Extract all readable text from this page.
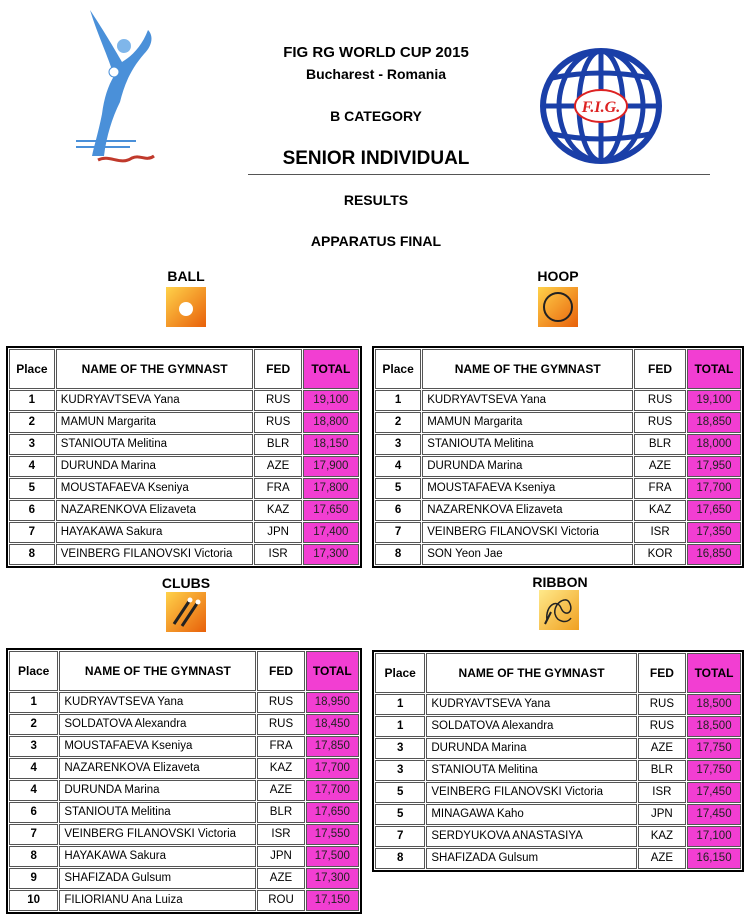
F.I.G.
FIG RG WORLD CUP 2015
Bucharest - Romania
B CATEGORY
SENIOR INDIVIDUAL
RESULTS
APPARATUS FINAL
BALL	HOOP
CLUBS	RIBBON
Place	NAME OF THE GYMNAST	FED	TOTAL
1	KUDRYAVTSEVA Yana	RUS	19,100
2	MAMUN Margarita	RUS	18,800
3	STANIOUTA Melitina	BLR	18,150
4	DURUNDA Marina	AZE	17,900
5	MOUSTAFAEVA Kseniya	FRA	17,800
6	NAZARENKOVA Elizaveta	KAZ	17,650
7	HAYAKAWA Sakura	JPN	17,400
8	VEINBERG FILANOVSKI Victoria	ISR	17,300
Place	NAME OF THE GYMNAST	FED	TOTAL
1	KUDRYAVTSEVA Yana	RUS	19,100
2	MAMUN Margarita	RUS	18,850
3	STANIOUTA Melitina	BLR	18,000
4	DURUNDA Marina	AZE	17,950
5	MOUSTAFAEVA Kseniya	FRA	17,700
6	NAZARENKOVA Elizaveta	KAZ	17,650
7	VEINBERG FILANOVSKI Victoria	ISR	17,350
8	SON Yeon Jae	KOR	16,850
Place	NAME OF THE GYMNAST	FED	TOTAL
1	KUDRYAVTSEVA Yana	RUS	18,950
2	SOLDATOVA Alexandra	RUS	18,450
3	MOUSTAFAEVA Kseniya	FRA	17,850
4	NAZARENKOVA Elizaveta	KAZ	17,700
4	DURUNDA Marina	AZE	17,700
6	STANIOUTA Melitina	BLR	17,650
7	VEINBERG FILANOVSKI Victoria	ISR	17,550
8	HAYAKAWA Sakura	JPN	17,500
9	SHAFIZADA Gulsum	AZE	17,300
10	FILIORIANU Ana Luiza	ROU	17,150
Place	NAME OF THE GYMNAST	FED	TOTAL
1	KUDRYAVTSEVA Yana	RUS	18,500
1	SOLDATOVA Alexandra	RUS	18,500
3	DURUNDA Marina	AZE	17,750
3	STANIOUTA Melitina	BLR	17,750
5	VEINBERG FILANOVSKI Victoria	ISR	17,450
5	MINAGAWA Kaho	JPN	17,450
7	SERDYUKOVA ANASTASIYA	KAZ	17,100
8	SHAFIZADA Gulsum	AZE	16,150
